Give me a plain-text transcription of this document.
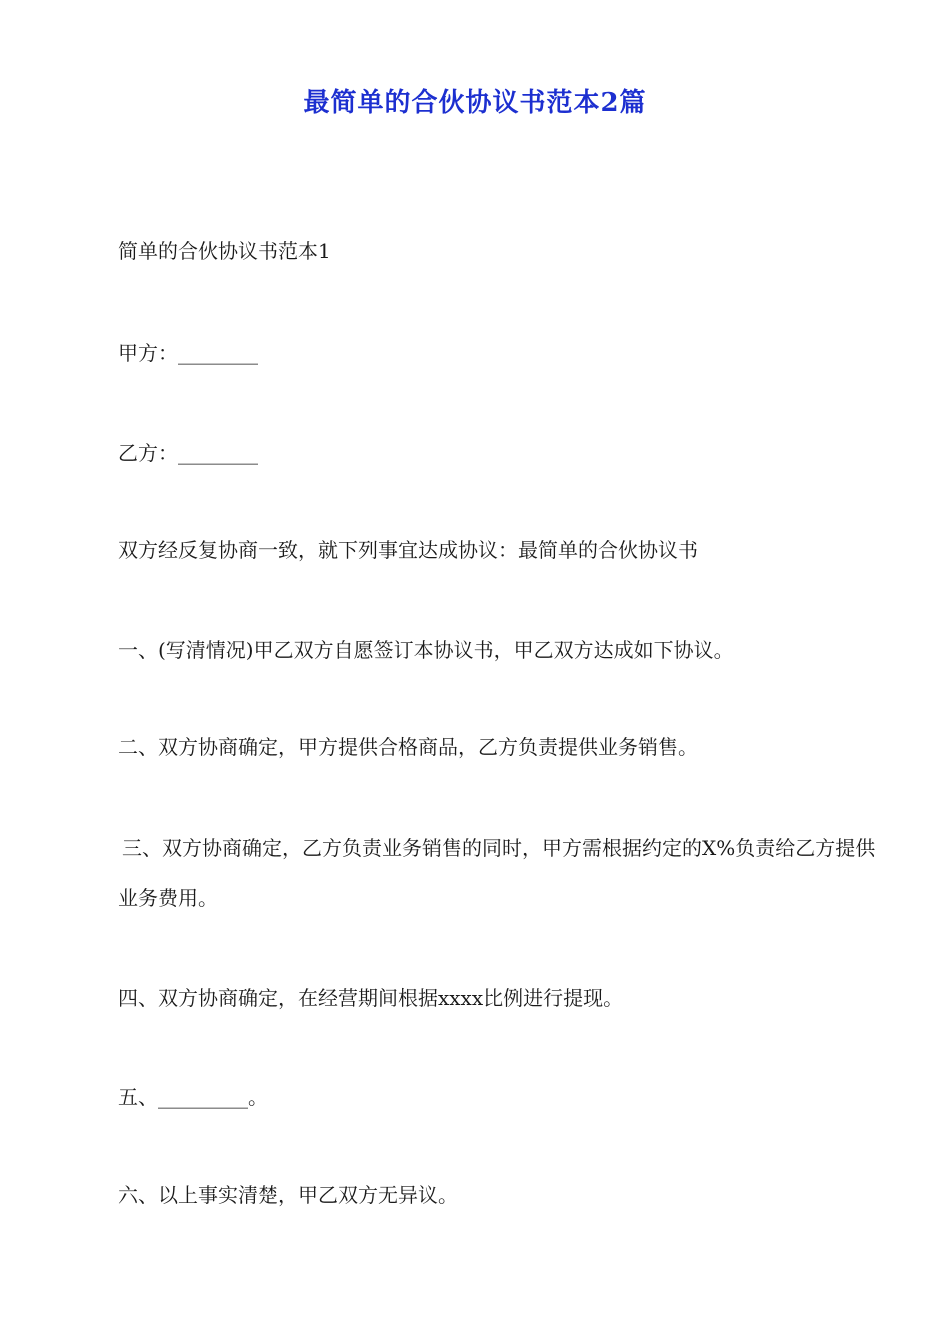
最简单的合伙协议书范本2篇

简单的合伙协议书范本1

甲方：________

乙方：________

双方经反复协商一致，就下列事宜达成协议：最简单的合伙协议书

一、(写清情况)甲乙双方自愿签订本协议书，甲乙双方达成如下协议。

二、双方协商确定，甲方提供合格商品，乙方负责提供业务销售。

三、双方协商确定，乙方负责业务销售的同时，甲方需根据约定的X%负责给乙方提供业务费用。

四、双方协商确定，在经营期间根据xxxx比例进行提现。

五、_________。

六、以上事实清楚，甲乙双方无异议。
